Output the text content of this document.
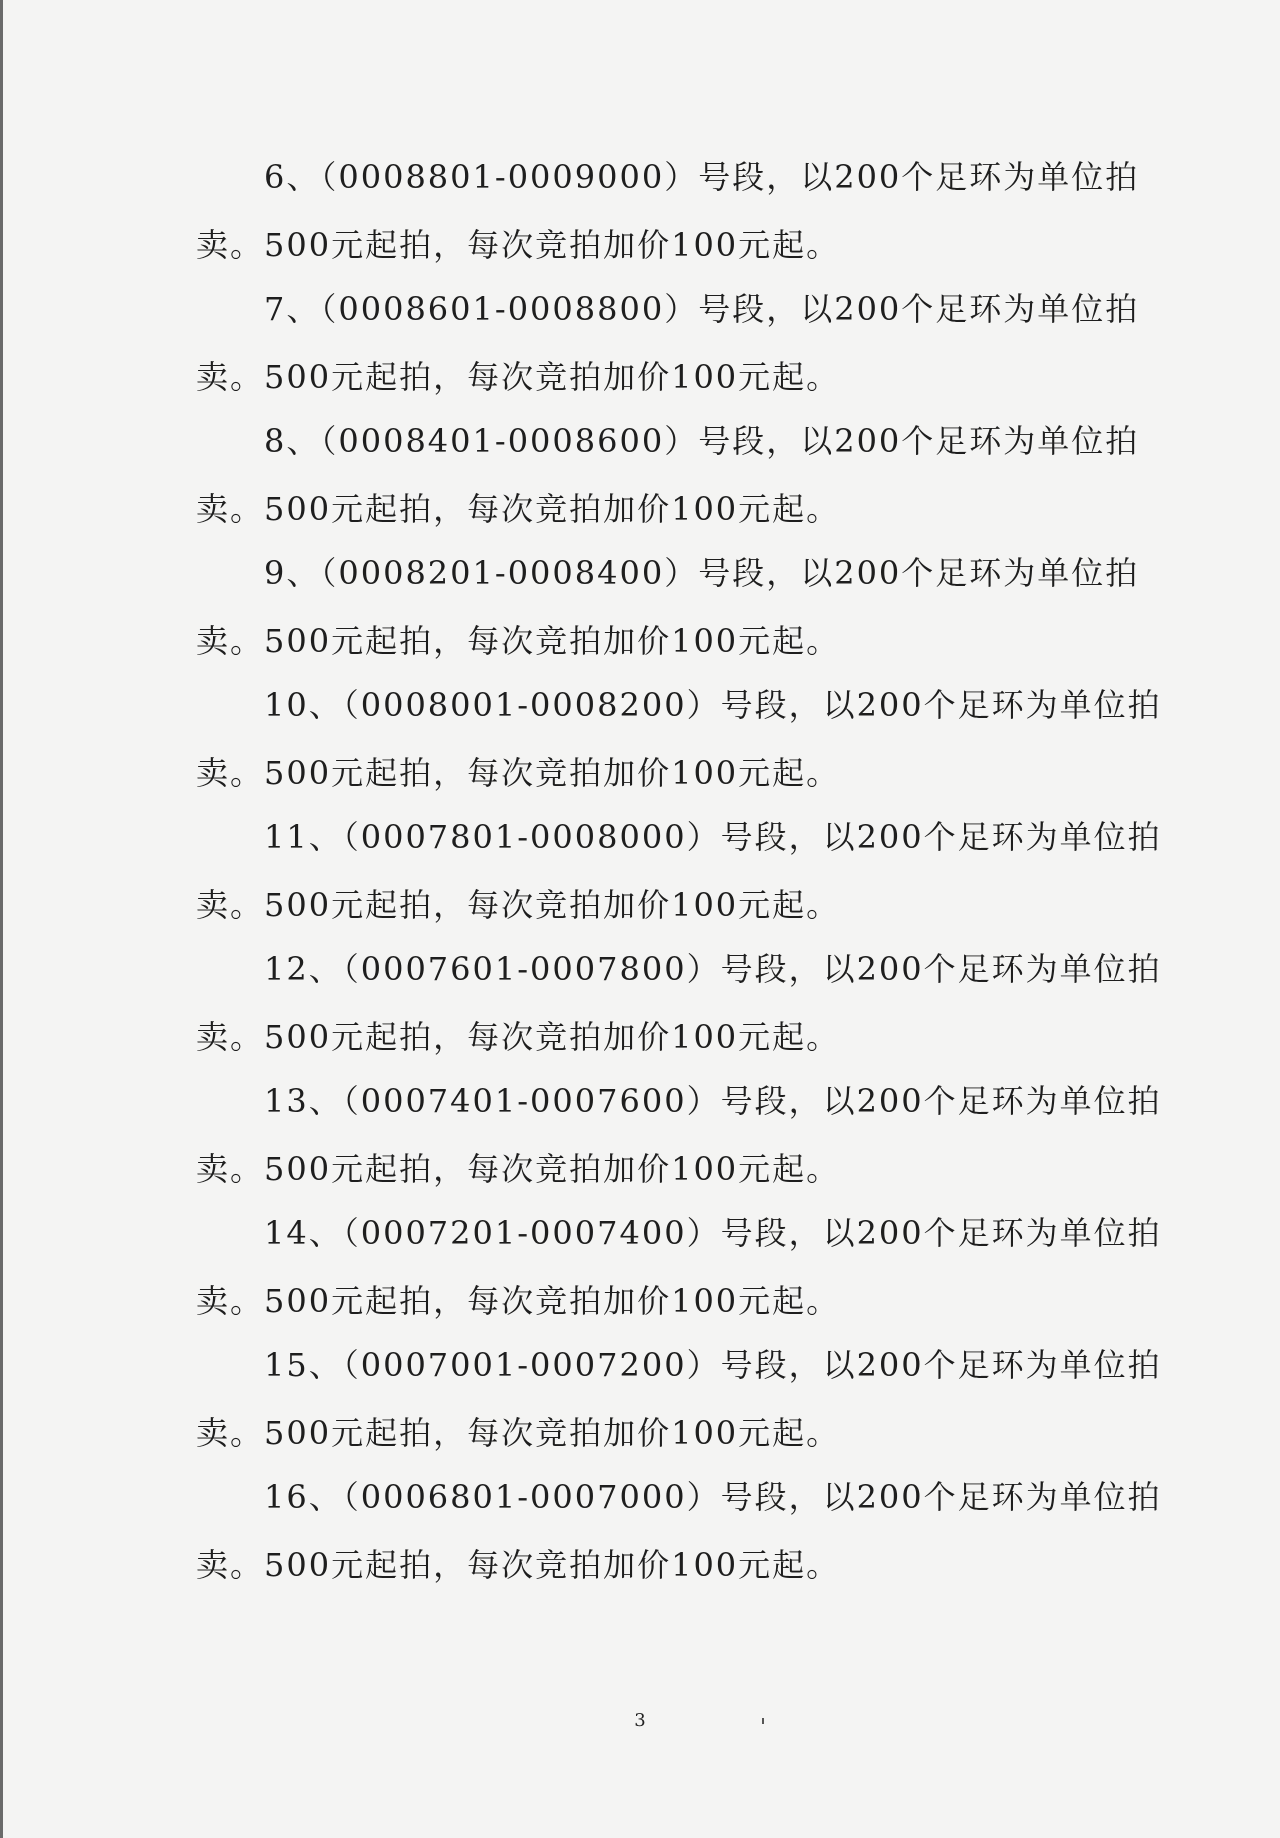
6、（0008801-0009000）号段，以200个足环为单位拍
卖。500元起拍，每次竞拍加价100元起。
7、（0008601-0008800）号段，以200个足环为单位拍
卖。500元起拍，每次竞拍加价100元起。
8、（0008401-0008600）号段，以200个足环为单位拍
卖。500元起拍，每次竞拍加价100元起。
9、（0008201-0008400）号段，以200个足环为单位拍
卖。500元起拍，每次竞拍加价100元起。
10、（0008001-0008200）号段，以200个足环为单位拍
卖。500元起拍，每次竞拍加价100元起。
11、（0007801-0008000）号段，以200个足环为单位拍
卖。500元起拍，每次竞拍加价100元起。
12、（0007601-0007800）号段，以200个足环为单位拍
卖。500元起拍，每次竞拍加价100元起。
13、（0007401-0007600）号段，以200个足环为单位拍
卖。500元起拍，每次竞拍加价100元起。
14、（0007201-0007400）号段，以200个足环为单位拍
卖。500元起拍，每次竞拍加价100元起。
15、（0007001-0007200）号段，以200个足环为单位拍
卖。500元起拍，每次竞拍加价100元起。
16、（0006801-0007000）号段，以200个足环为单位拍
卖。500元起拍，每次竞拍加价100元起。
3
